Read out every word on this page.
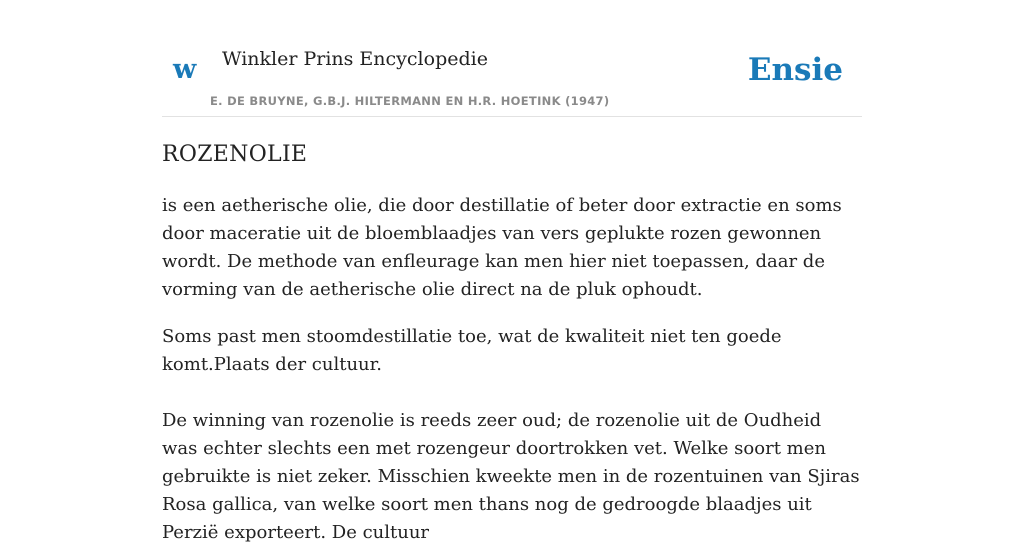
w Winkler Prins Encyclopedie
E. DE BRUYNE, G.B.J. HILTERMANN EN H.R. HOETINK (1947)
Ensie
ROZENOLIE

is een aetherische olie, die door destillatie of beter door extractie en soms door maceratie uit de bloemblaadjes van vers geplukte rozen gewonnen wordt. De methode van enfleurage kan men hier niet toepassen, daar de vorming van de aetherische olie direct na de pluk ophoudt.

Soms past men stoomdestillatie toe, wat de kwaliteit niet ten goede komt.Plaats der cultuur.

De winning van rozenolie is reeds zeer oud; de rozenolie uit de Oudheid was echter slechts een met rozengeur doortrokken vet. Welke soort men gebruikte is niet zeker. Misschien kweekte men in de rozentuinen van Sjiras Rosa gallica, van welke soort men thans nog de gedroogde blaadjes uit Perzië exporteert. De cultuur
